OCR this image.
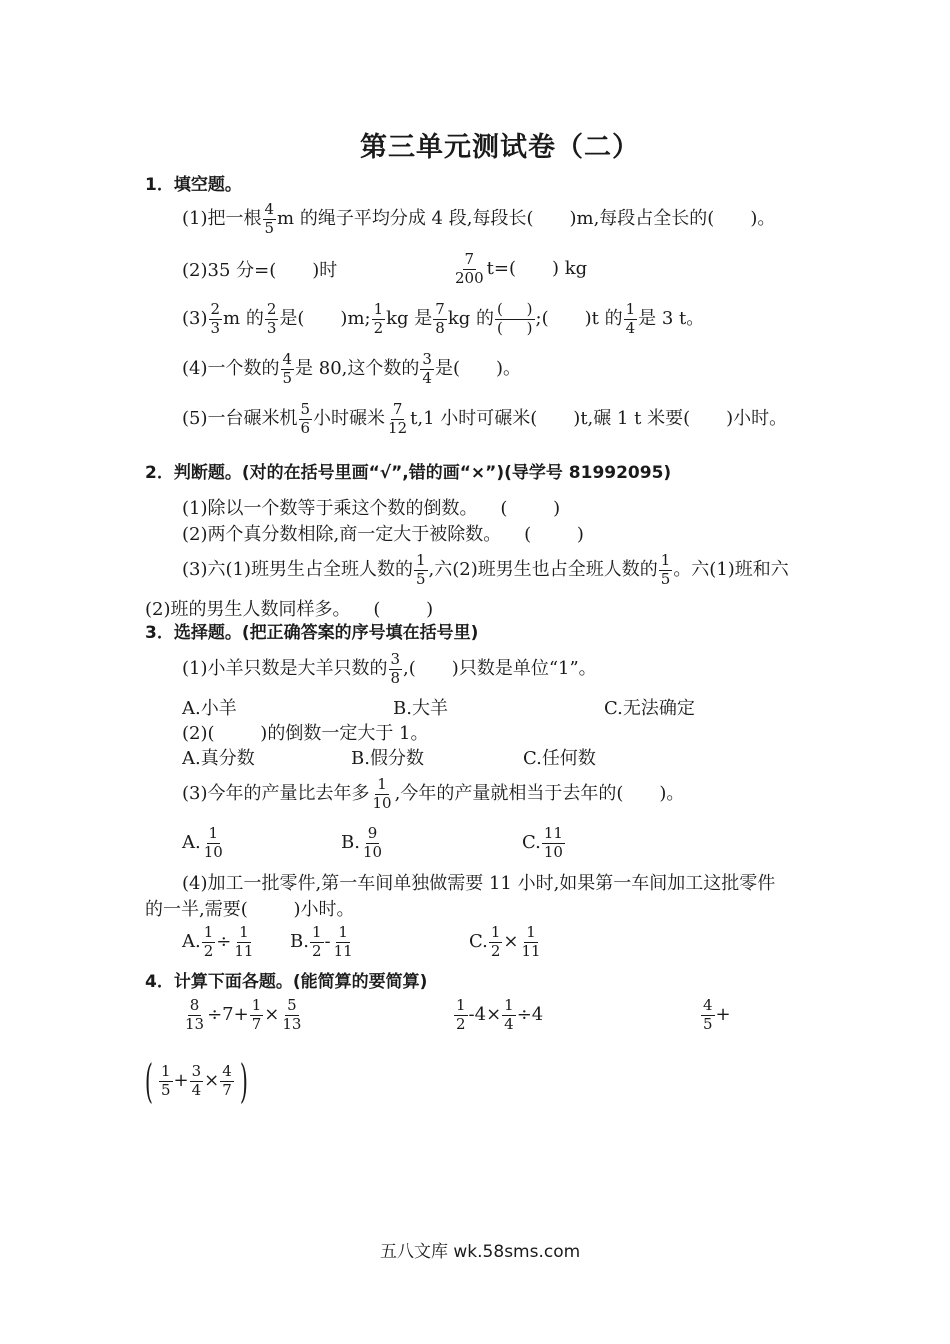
第三单元测试卷（二）
1．填空题。
(1)把一根 $\frac{4}{5}$ m 的绳子平均分成 4 段,每段长( )m,每段占全长的( )。
(2)35 分=( )时	$\frac{7}{200} t=$( ) kg
$(3) \frac{2}{3}$ m 的 $\frac{2}{3}$ 是( )m; $\frac{1}{2}$ kg 是 $\frac{7}{8}$ kg 的 $\frac{( )}{( )}$ ;( )t 的 $\frac{1}{4}$ 是 3 t。
(4)一个数的 $\frac{4}{5}$ 是 80,这个数的 $\frac{3}{4}$ 是( )。
(5)一台碾米机 $\frac{5}{6}$ 小时碾米 $\frac{7}{12} t,1$ 小时可碾米( )t,碾 1 t 米要( )小时。
2．判断题。(对的在括号里画“√”,错的画“×”)(导学号 81992095)
(1)除以一个数等于乘这个数的倒数。    (        )
(2)两个真分数相除,商一定大于被除数。    (        )
(3)六(1)班男生占全班人数的 $\frac{1}{5}$ ,六(2)班男生也占全班人数的 $\frac{1}{5}$ 。六(1)班和六
(2)班的男生人数同样多。    (        )
3．选择题。(把正确答案的序号填在括号里)
(1)小羊只数是大羊只数的 $\frac{3}{8}$ ,( )只数是单位“1”。
A.小羊	B.大羊	C.无法确定
(2)(        )的倒数一定大于 1。
A.真分数	B.假分数	C.任何数
(3)今年的产量比去年多 $\frac{1}{10}$ ,今年的产量就相当于去年的( )。
A. $\frac{1}{10}$	B. $\frac{9}{10}$	C. $\frac{11}{10}$
(4)加工一批零件,第一车间单独做需要 11 小时,如果第一车间加工这批零件
的一半,需要(        )小时。
A. $\frac{1}{2} \div \frac{1}{11} B$. $\frac{1}{2} - \frac{1}{11}$	C. $\frac{1}{2} \times \frac{1}{11}$
4．计算下面各题。(能简算的要简算)
$\frac{8}{13} \div 7+ \frac{1}{7} \times \frac{5}{13}$	$\frac{1}{2} -4\times \frac{1}{4} \div 4$	$\frac{4}{5}$ +
( $\frac{1}{5} + \frac{3}{4} \times \frac{4}{7}$ )
五八文库 wk.58sms.com
